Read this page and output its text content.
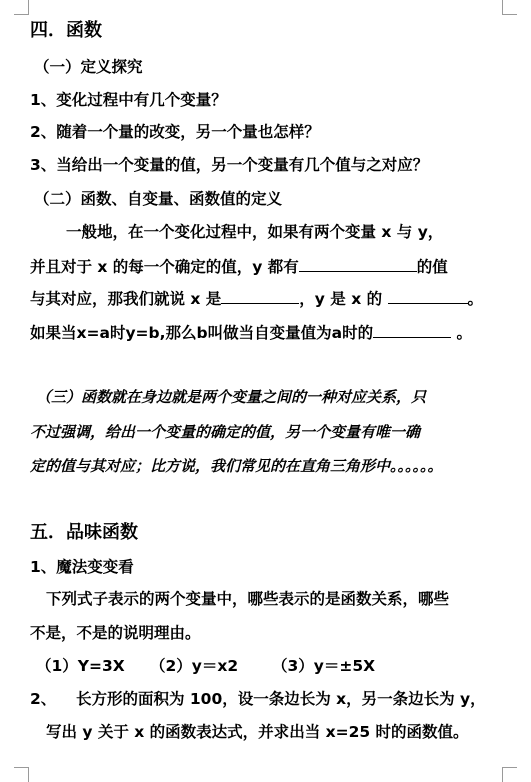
四．函数
（一）定义探究
1、变化过程中有几个变量？
2、随着一个量的改变，另一个量也怎样？
3、当给出一个变量的值，另一个变量有几个值与之对应？
（二）函数、自变量、函数值的定义
一般地，在一个变化过程中，如果有两个变量 x 与 y，
并且对于 x 的每一个确定的值，y 都有	的值
与其对应，那我们就说 x 是	，y 是 x 的	。
如果当x=a时y=b,那么b叫做当自变量值为a时的	。
（三）函数就在身边就是两个变量之间的一种对应关系，只
不过强调，给出一个变量的确定的值，另一个变量有唯一确
定的值与其对应；比方说，我们常见的在直角三角形中。。。。。。
五．品味函数
1、魔法变变看
下列式子表示的两个变量中，哪些表示的是函数关系，哪些
不是，不是的说明理由。
（1）Y=3X （2）y＝x2 （3）y＝±5X
2、 长方形的面积为 100，设一条边长为 x，另一条边长为 y，
写出 y 关于 x 的函数表达式，并求出当 x=25 时的函数值。
